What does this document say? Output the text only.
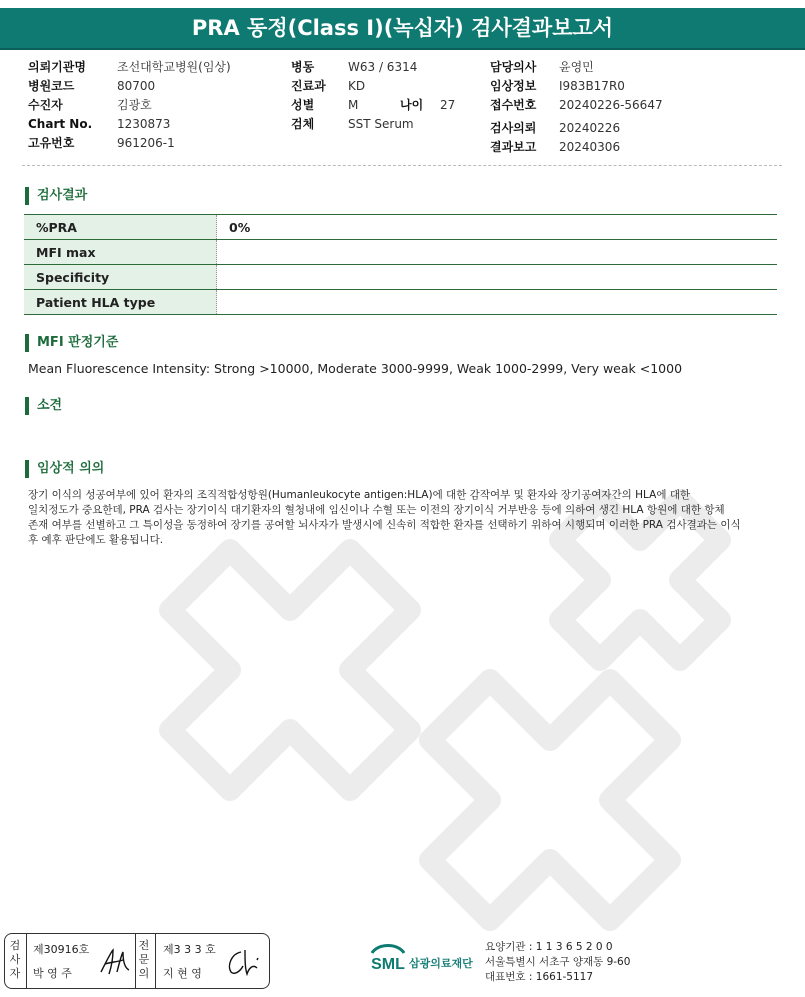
PRA 동정(Class I)(녹십자) 검사결과보고서
의뢰기관명	조선대학교병원(임상)
병원코드	80700
수진자	김광호
Chart No. 1230873
고유번호	961206-1
병동	W63 / 6314
진료과 KD
성별	M	나이 27
검체	SST Serum
담당의사 윤영민
임상정보 I983B17R0
접수번호 20240226-56647
검사의뢰 20240226
결과보고 20240306
검사결과
%PRA	0%
MFI max	
Specificity	
Patient HLA type	
MFI 판정기준
Mean Fluorescence Intensity: Strong >10000, Moderate 3000-9999, Weak 1000-2999, Very weak <1000
소견
임상적 의의
장기 이식의 성공여부에 있어 환자의 조직적합성항원(Humanleukocyte antigen:HLA)에 대한 감작여부 및 환자와 장기공여자간의 HLA에 대한
일치정도가 중요한데, PRA 검사는 장기이식 대기환자의 혈청내에 임신이나 수혈 또는 이전의 장기이식 거부반응 등에 의하여 생긴 HLA 항원에 대한 항체
존재 여부를 선별하고 그 특이성을 동정하여 장기를 공여할 뇌사자가 발생시에 신속히 적합한 환자를 선택하기 위하여 시행되며 이러한 PRA 검사결과는 이식
후 예후 판단에도 활용됩니다.
검
사
자
제30916호
박 영 주
전
문
의
제3 3 3 호
지 현 영
SML 삼광의료재단
요양기관 : 1 1 3 6 5 2 0 0
서울특별시 서초구 양재동 9-60
대표번호 : 1661-5117
